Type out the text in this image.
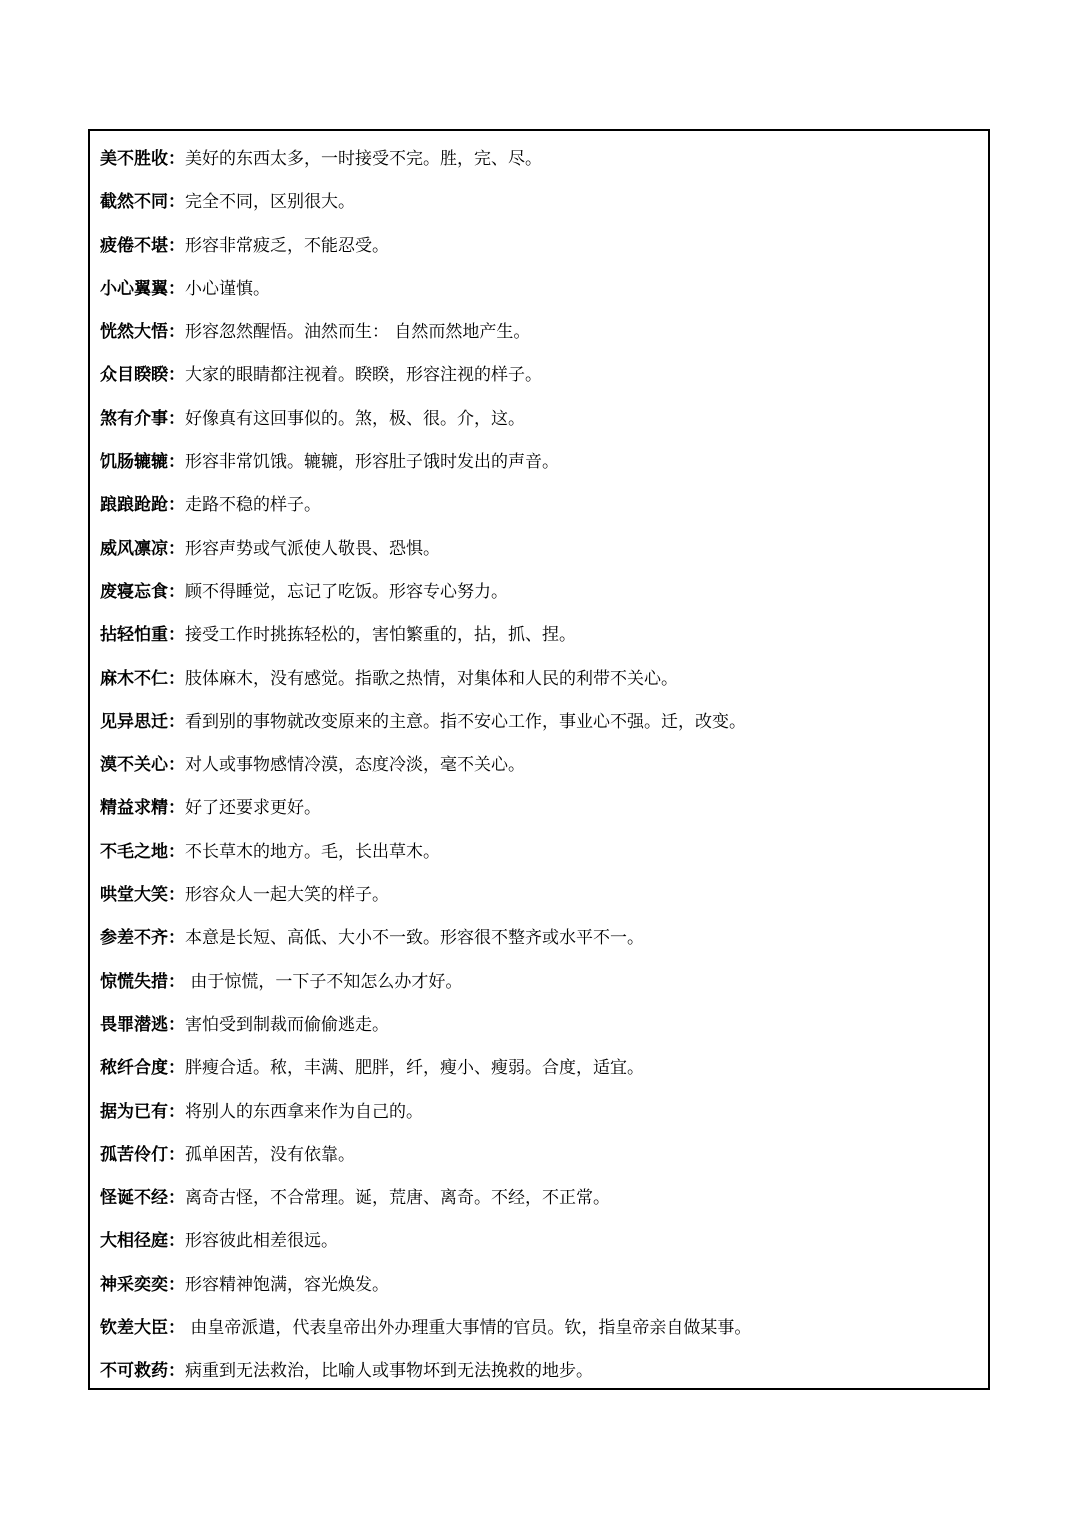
美不胜收：美好的东西太多，一时接受不完。胜，完、尽。
截然不同：完全不同，区别很大。
疲倦不堪：形容非常疲乏，不能忍受。
小心翼翼：小心谨慎。
恍然大悟：形容忽然醒悟。油然而生： 自然而然地产生。
众目睽睽：大家的眼睛都注视着。睽睽，形容注视的样子。
煞有介事：好像真有这回事似的。煞，极、很。介，这。
饥肠辘辘：形容非常饥饿。辘辘，形容肚子饿时发出的声音。
踉踉跄跄：走路不稳的样子。
威风凛凉：形容声势或气派使人敬畏、恐惧。
废寝忘食：顾不得睡觉，忘记了吃饭。形容专心努力。
拈轻怕重：接受工作时挑拣轻松的，害怕繁重的，拈，抓、捏。
麻木不仁：肢体麻木，没有感觉。指歌之热情，对集体和人民的利带不关心。
见异思迁：看到别的事物就改变原来的主意。指不安心工作，事业心不强。迁，改变。
漠不关心：对人或事物感情冷漠，态度冷淡，毫不关心。
精益求精：好了还要求更好。
不毛之地：不长草木的地方。毛，长出草木。
哄堂大笑：形容众人一起大笑的样子。
参差不齐：本意是长短、高低、大小不一致。形容很不整齐或水平不一。
惊慌失措： 由于惊慌，一下子不知怎么办才好。
畏罪潜逃：害怕受到制裁而偷偷逃走。
秾纤合度：胖瘦合适。秾，丰满、肥胖，纤，瘦小、瘦弱。合度，适宜。
据为已有：将别人的东西拿来作为自己的。
孤苦伶仃：孤单困苦，没有依靠。
怪诞不经：离奇古怪，不合常理。诞，荒唐、离奇。不经，不正常。
大相径庭：形容彼此相差很远。
神采奕奕：形容精神饱满，容光焕发。
钦差大臣： 由皇帝派遣，代表皇帝出外办理重大事情的官员。钦，指皇帝亲自做某事。
不可救药：病重到无法救治，比喻人或事物坏到无法挽救的地步。
